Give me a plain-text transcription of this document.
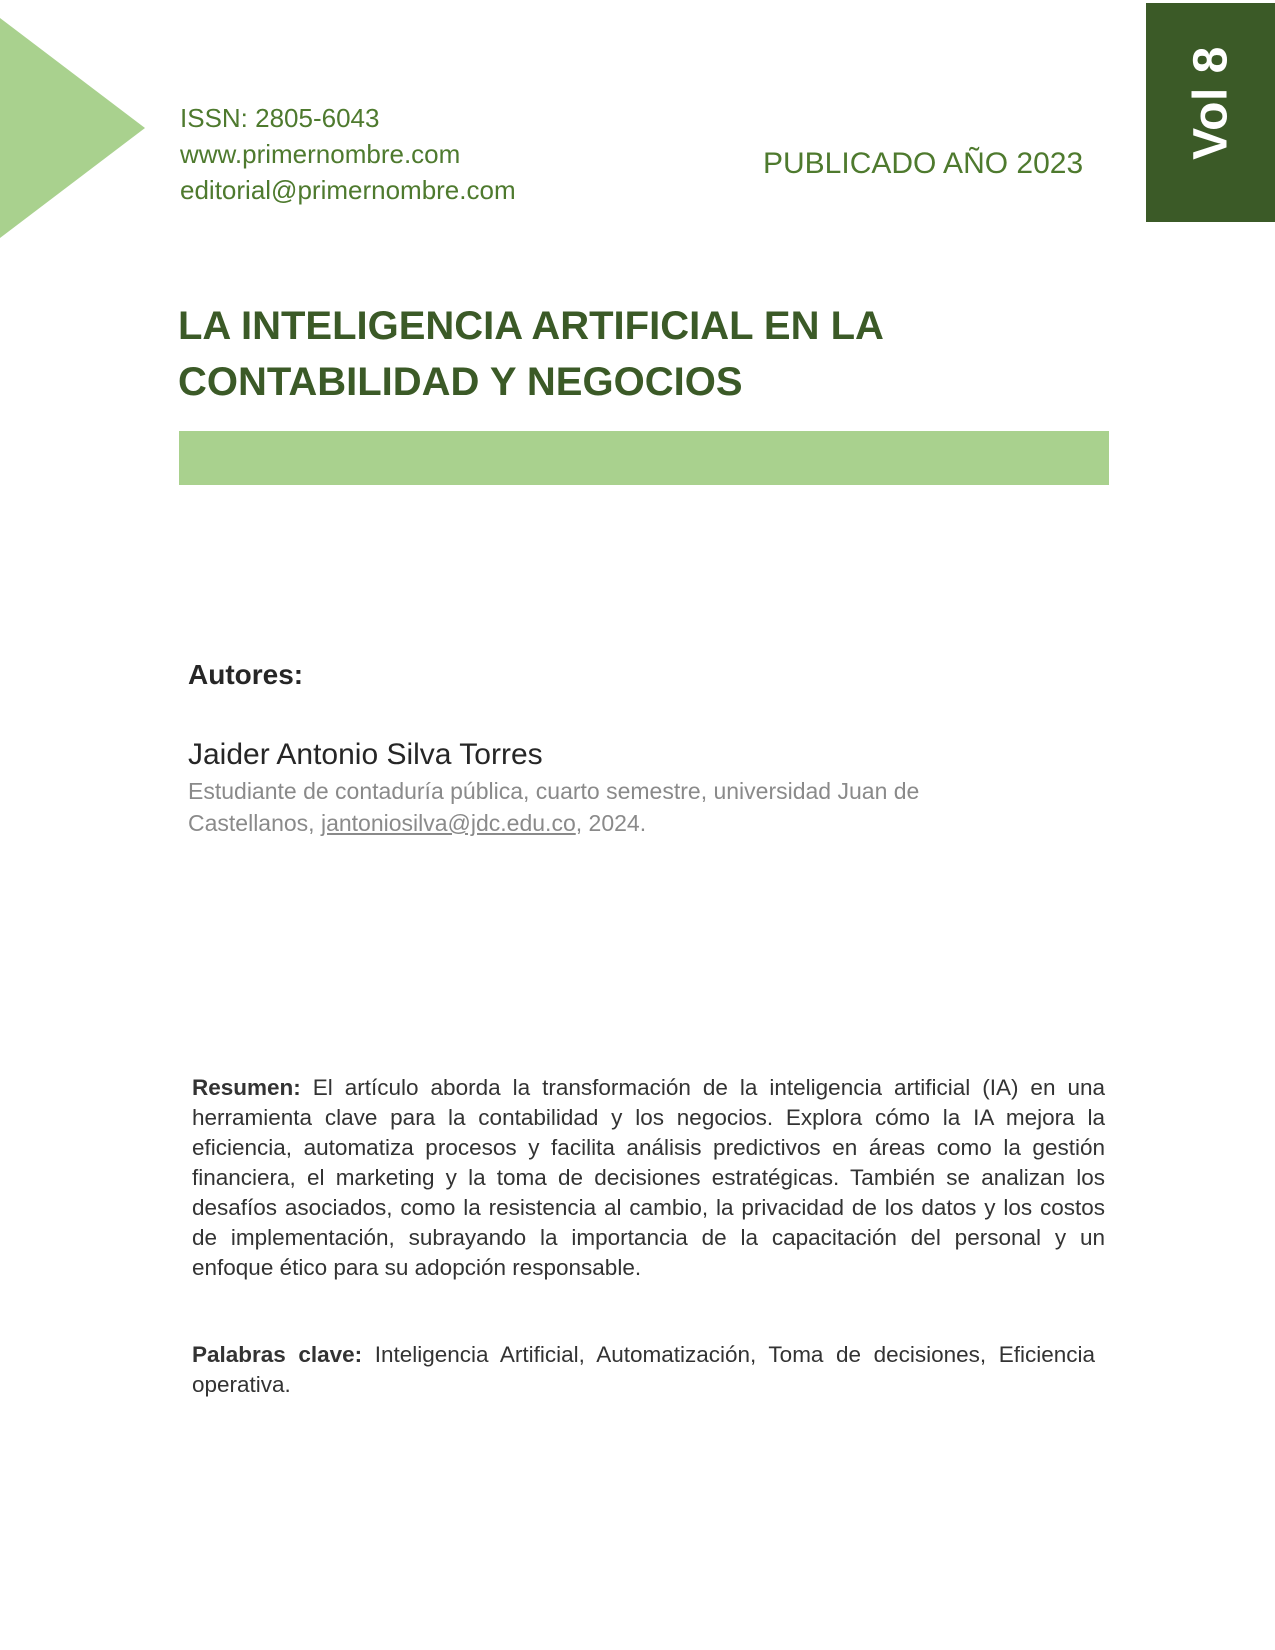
Vol 8
ISSN: 2805-6043
www.primernombre.com
editorial@primernombre.com
PUBLICADO AÑO 2023
LA INTELIGENCIA ARTIFICIAL EN LA
CONTABILIDAD Y NEGOCIOS
Autores:
Jaider Antonio Silva Torres
Estudiante de contaduría pública, cuarto semestre, universidad Juan de Castellanos, jantoniosilva@jdc.edu.co, 2024.

Resumen: El artículo aborda la transformación de la inteligencia artificial (IA) en una herramienta clave para la contabilidad y los negocios. Explora cómo la IA mejora la eficiencia, automatiza procesos y facilita análisis predictivos en áreas como la gestión financiera, el marketing y la toma de decisiones estratégicas. También se analizan los desafíos asociados, como la resistencia al cambio, la privacidad de los datos y los costos de implementación, subrayando la importancia de la capacitación del personal y un enfoque ético para su adopción responsable.

Palabras clave: Inteligencia Artificial, Automatización, Toma de decisiones, Eficiencia operativa.
